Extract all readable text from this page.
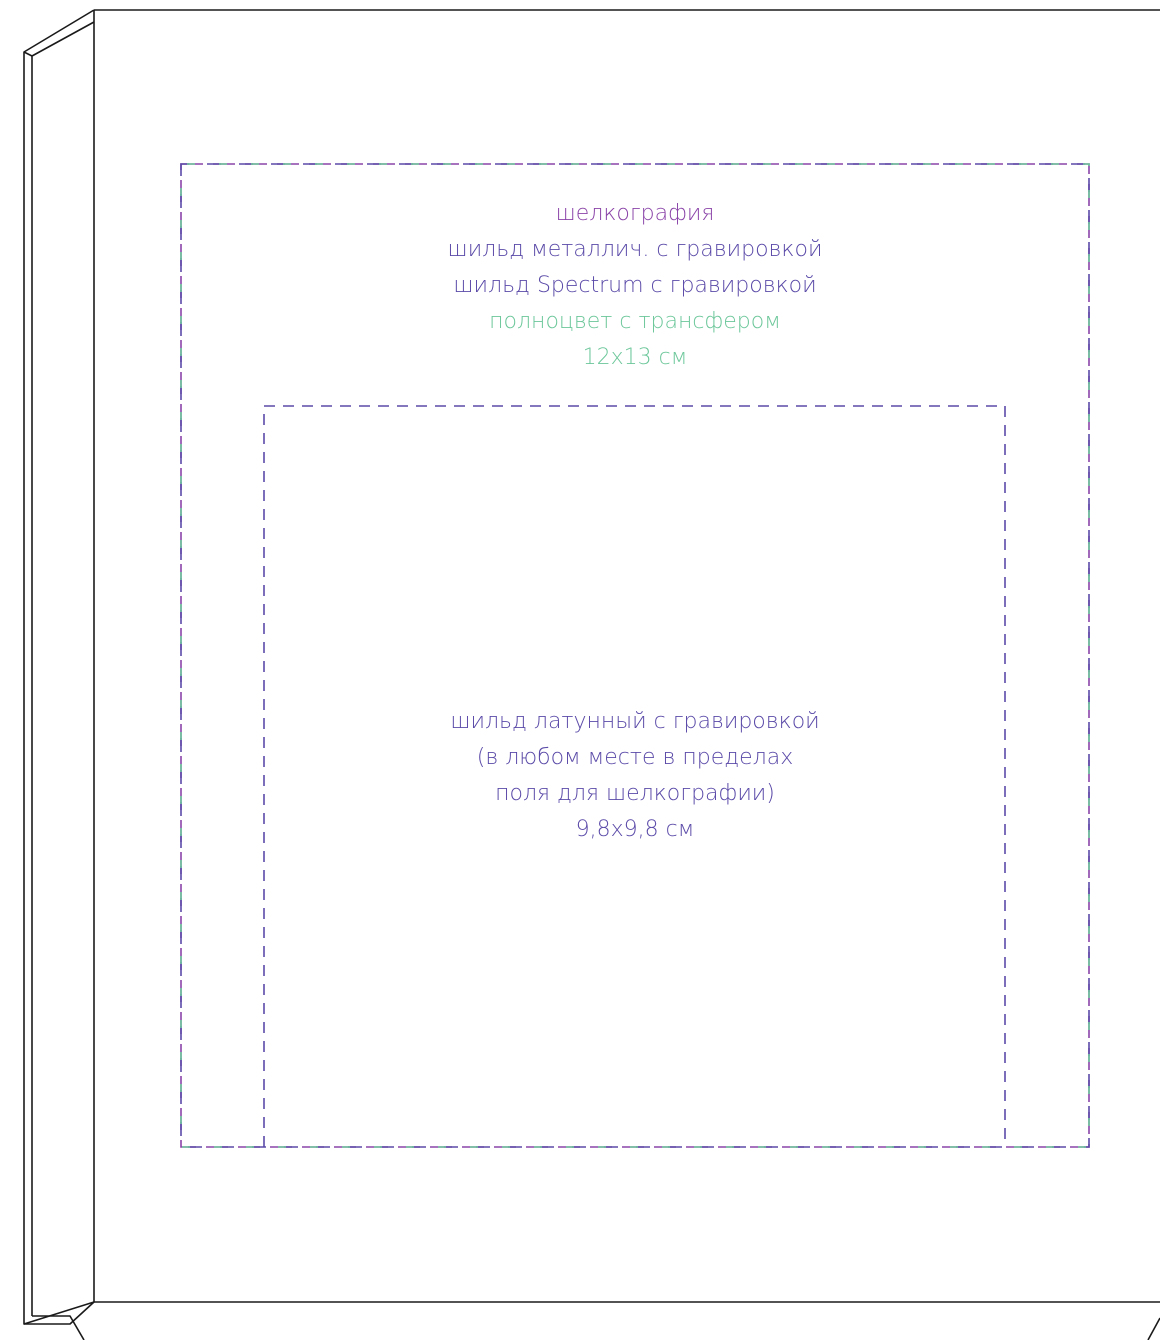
шелкография
шильд металлич. с гравировкой
шильд Spectrum с гравировкой
полноцвет с трансфером
12х13 см
шильд латунный с гравировкой
(в любом месте в пределах
поля для шелкографии)
9,8х9,8 см
